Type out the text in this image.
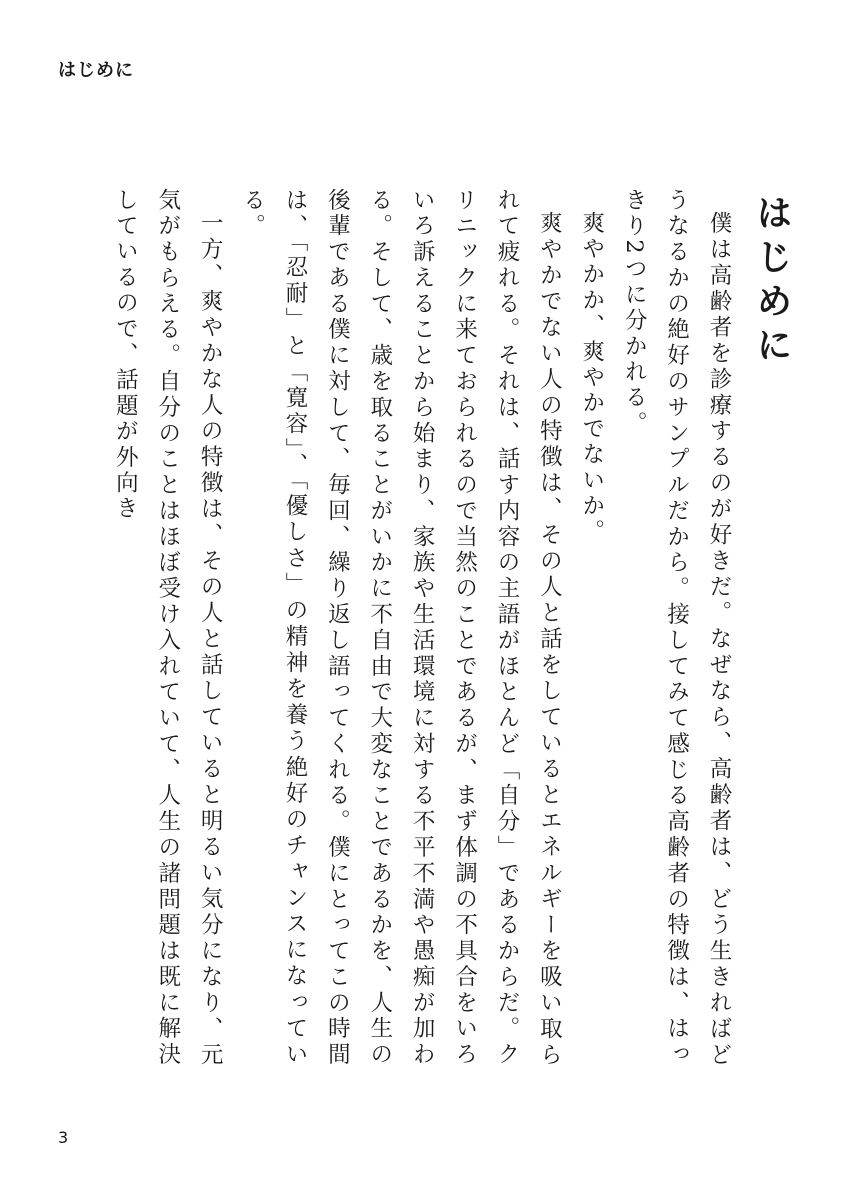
はじめに

はじめに

僕は高齢者を診療するのが好きだ。なぜなら、高齢者は、どう生きればどうなるかの絶好のサンプルだから。接してみて感じる高齢者の特徴は、はっきり2つに分かれる。

爽やかか、爽やかでないか。

爽やかでない人の特徴は、その人と話をしているとエネルギーを吸い取られて疲れる。それは、話す内容の主語がほとんど「自分」であるからだ。クリニックに来ておられるので当然のことであるが、まず体調の不具合をいろいろ訴えることから始まり、家族や生活環境に対する不平不満や愚痴が加わる。そして、歳を取ることがいかに不自由で大変なことであるかを、人生の後輩である僕に対して、毎回、繰り返し語ってくれる。僕にとってこの時間は、「忍耐」と「寛容」、「優しさ」の精神を養う絶好のチャンスになっている。

一方、爽やかな人の特徴は、その人と話していると明るい気分になり、元気がもらえる。自分のことはほぼ受け入れていて、人生の諸問題は既に解決しているので、話題が外向き

3
